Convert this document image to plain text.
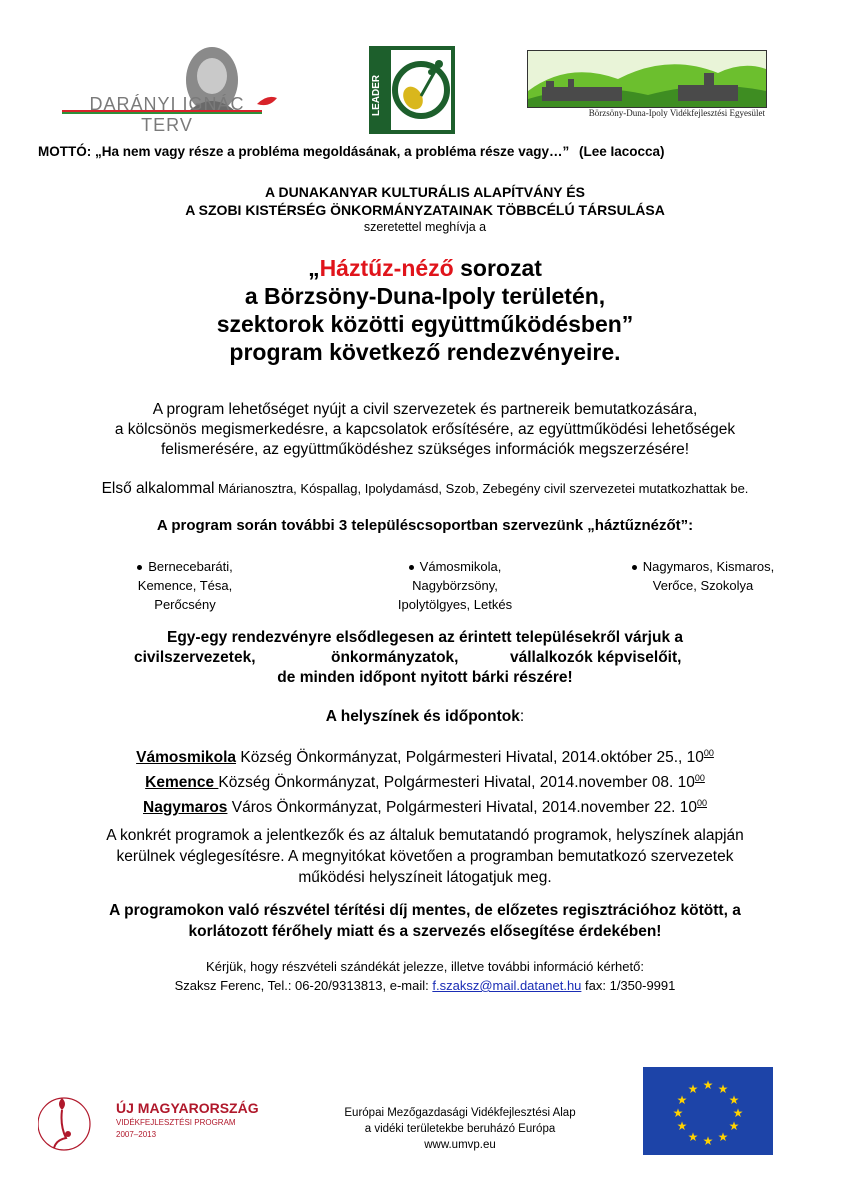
DARÁNYI IGNÁC TERV
LEADER	Börzsöny-Duna-Ipoly Vidékfejlesztési Egyesület
MOTTÓ: „Ha nem vagy része a probléma megoldásának, a probléma része vagy…” (Lee Iacocca)
A DUNAKANYAR KULTURÁLIS ALAPÍTVÁNY ÉS
A SZOBI KISTÉRSÉG ÖNKORMÁNYZATAINAK TÖBBCÉLÚ TÁRSULÁSA
szeretettel meghívja a
„Háztűz-néző sorozat
a Börzsöny-Duna-Ipoly területén,
szektorok közötti együttműködésben”
program következő rendezvényeire.
A program lehetőséget nyújt a civil szervezetek és partnereik bemutatkozására,
a kölcsönös megismerkedésre, a kapcsolatok erősítésére, az együttműködési lehetőségek
felismerésére, az együttműködéshez szükséges információk megszerzésére!
Első alkalommal Márianosztra, Kóspallag, Ipolydamásd, Szob, Zebegény civil szervezetei mutatkozhattak be.
A program során további 3 településcsoportban szervezünk „háztűznézőt”:
Bernecebaráti,
Kemence, Tésa,
Perőcsény
Vámosmikola,
Nagybörzsöny,
Ipolytölgyes, Letkés
Nagymaros, Kismaros,
Verőce, Szokolya
Egy-egy rendezvényre elsődlegesen az érintett településekről várjuk a
civilszervezetek,	önkormányzatok,	vállalkozók képviselőit,
de minden időpont nyitott bárki részére!
A helyszínek és időpontok:
Vámosmikola Község Önkormányzat, Polgármesteri Hivatal, 2014.október 25., $10^{00}$
Kemence Község Önkormányzat, Polgármesteri Hivatal, 2014.november 08. $10^{00}$
Nagymaros Város Önkormányzat, Polgármesteri Hivatal, 2014.november 22. $10^{00}$
A konkrét programok a jelentkezők és az általuk bemutatandó programok, helyszínek alapján
kerülnek véglegesítésre. A megnyitókat követően a programban bemutatkozó szervezetek
működési helyszíneit látogatjuk meg.
A programokon való részvétel térítési díj mentes, de előzetes regisztrációhoz kötött, a
korlátozott férőhely miatt és a szervezés elősegítése érdekében!
Kérjük, hogy részvételi szándékát jelezze, illetve további információ kérhető:
Szaksz Ferenc, Tel.: 06-20/9313813, e-mail: f.szaksz@mail.datanet.hu fax: 1/350-9991
ÚJ MAGYARORSZÁG
VIDÉKFEJLESZTÉSI PROGRAM
2007–2013
Európai Mezőgazdasági Vidékfejlesztési Alap
a vidéki területekbe beruházó Európa
www.umvp.eu
★ ★
★
★
★
★
★
★
★
★
★
★
